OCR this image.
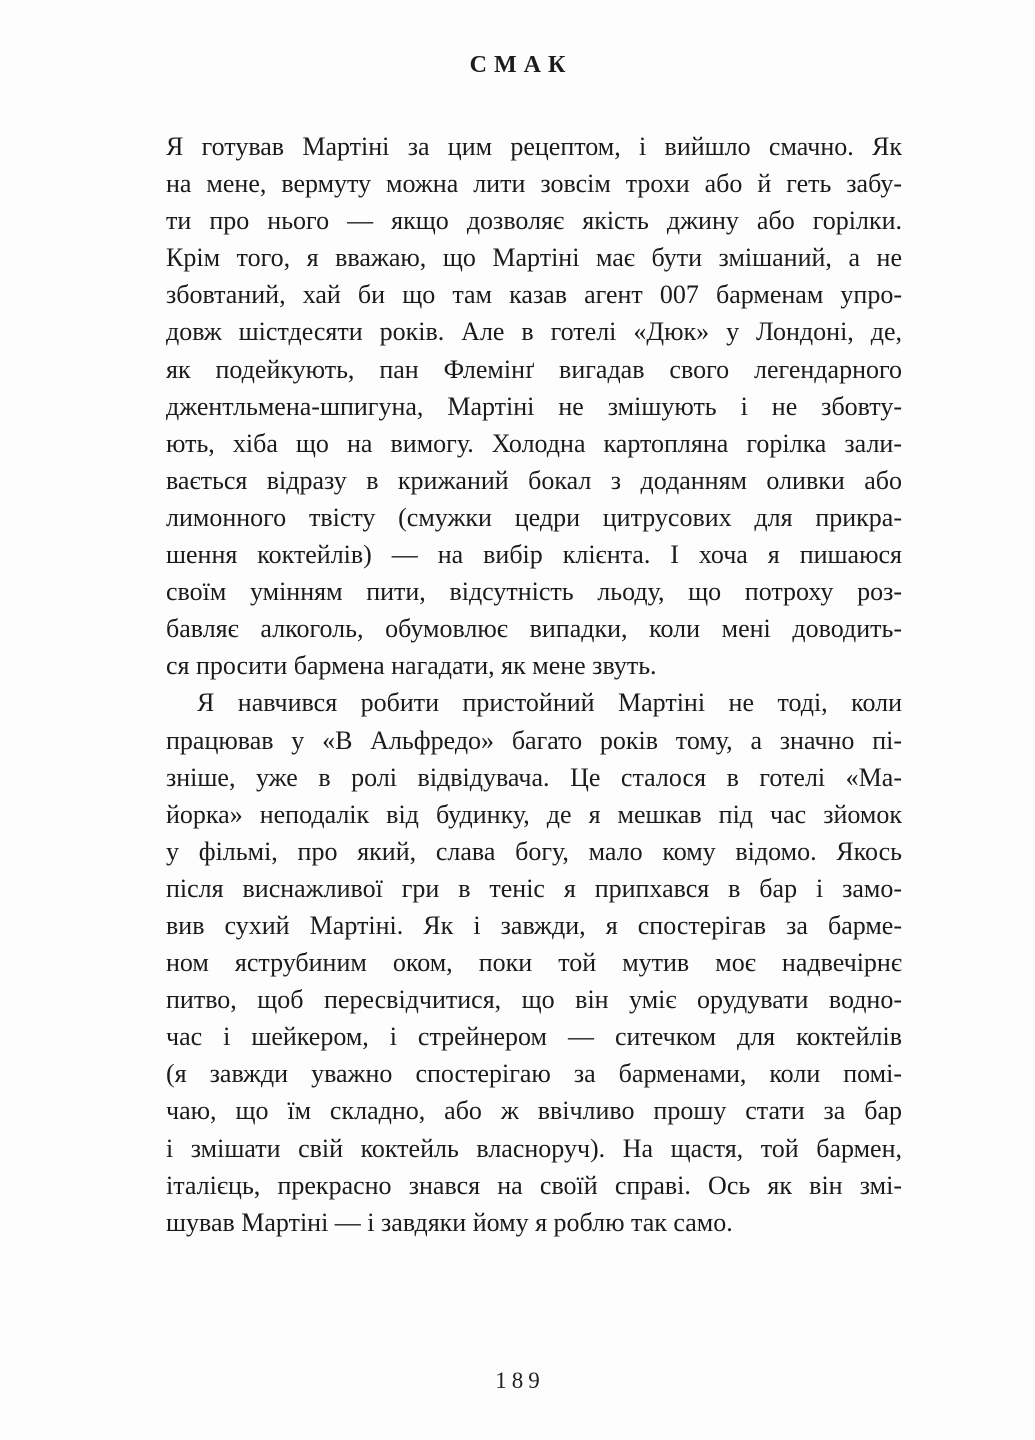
СМАК
Я готував Мартіні за цим рецептом, і вийшло смачно. Як
на мене, вермуту можна лити зовсім трохи або й геть забу-
ти про нього — якщо дозволяє якість джину або горілки.
Крім того, я вважаю, що Мартіні має бути змішаний, а не
збовтаний, хай би що там казав агент 007 барменам упро-
довж шістдесяти років. Але в готелі «Дюк» у Лондоні, де,
як подейкують, пан Флемінґ вигадав свого легендарного
джентльмена-шпигуна, Мартіні не змішують і не збовту-
ють, хіба що на вимогу. Холодна картопляна горілка зали-
вається відразу в крижаний бокал з доданням оливки або
лимонного твісту (смужки цедри цитрусових для прикра-
шення коктейлів) — на вибір клієнта. І хоча я пишаюся
своїм умінням пити, відсутність льоду, що потроху роз-
бавляє алкоголь, обумовлює випадки, коли мені доводить-
ся просити бармена нагадати, як мене звуть.
Я навчився робити пристойний Мартіні не тоді, коли
працював у «В Альфредо» багато років тому, а значно пі-
зніше, уже в ролі відвідувача. Це сталося в готелі «Ма-
йорка» неподалік від будинку, де я мешкав під час зйомок
у фільмі, про який, слава богу, мало кому відомо. Якось
після виснажливої гри в теніс я припхався в бар і замо-
вив сухий Мартіні. Як і завжди, я спостерігав за барме-
ном яструбиним оком, поки той мутив моє надвечірнє
питво, щоб пересвідчитися, що він уміє орудувати водно-
час і шейкером, і стрейнером — ситечком для коктейлів
(я завжди уважно спостерігаю за барменами, коли помі-
чаю, що їм складно, або ж ввічливо прошу стати за бар
і змішати свій коктейль власноруч). На щастя, той бармен,
італієць, прекрасно знався на своїй справі. Ось як він змі-
шував Мартіні — і завдяки йому я роблю так само.
189
